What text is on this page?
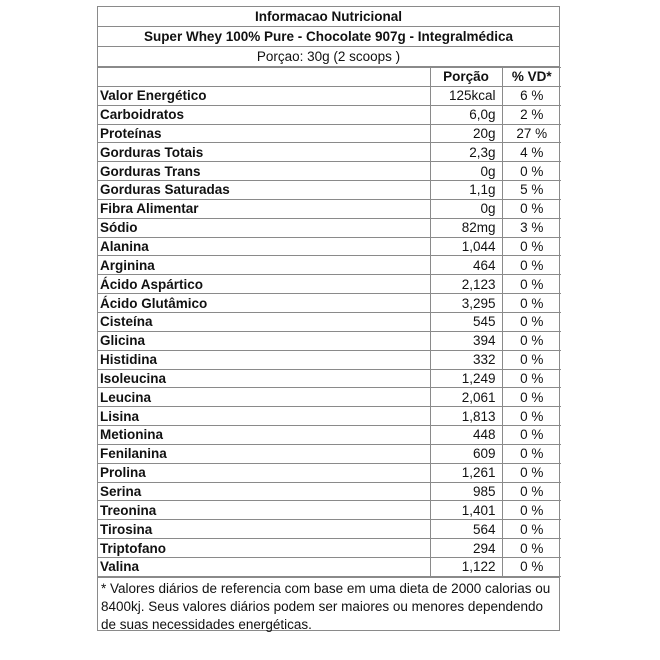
Informacao Nutricional
Super Whey 100% Pure - Chocolate 907g - Integralmédica
Porçao: 30g (2 scoops )
	Porção	% VD*
Valor Energético	125kcal	6 %
Carboidratos	6,0g	2 %
Proteínas	20g	27 %
Gorduras Totais	2,3g	4 %
Gorduras Trans	0g	0 %
Gorduras Saturadas	1,1g	5 %
Fibra Alimentar	0g	0 %
Sódio	82mg	3 %
Alanina	1,044	0 %
Arginina	464	0 %
Ácido Aspártico	2,123	0 %
Ácido Glutâmico	3,295	0 %
Cisteína	545	0 %
Glicina	394	0 %
Histidina	332	0 %
Isoleucina	1,249	0 %
Leucina	2,061	0 %
Lisina	1,813	0 %
Metionina	448	0 %
Fenilanina	609	0 %
Prolina	1,261	0 %
Serina	985	0 %
Treonina	1,401	0 %
Tirosina	564	0 %
Triptofano	294	0 %
Valina	1,122	0 %
* Valores diários de referencia com base em uma dieta de 2000 calorias ou 8400kj. Seus valores diários podem ser maiores ou menores dependendo de suas necessidades energéticas.
